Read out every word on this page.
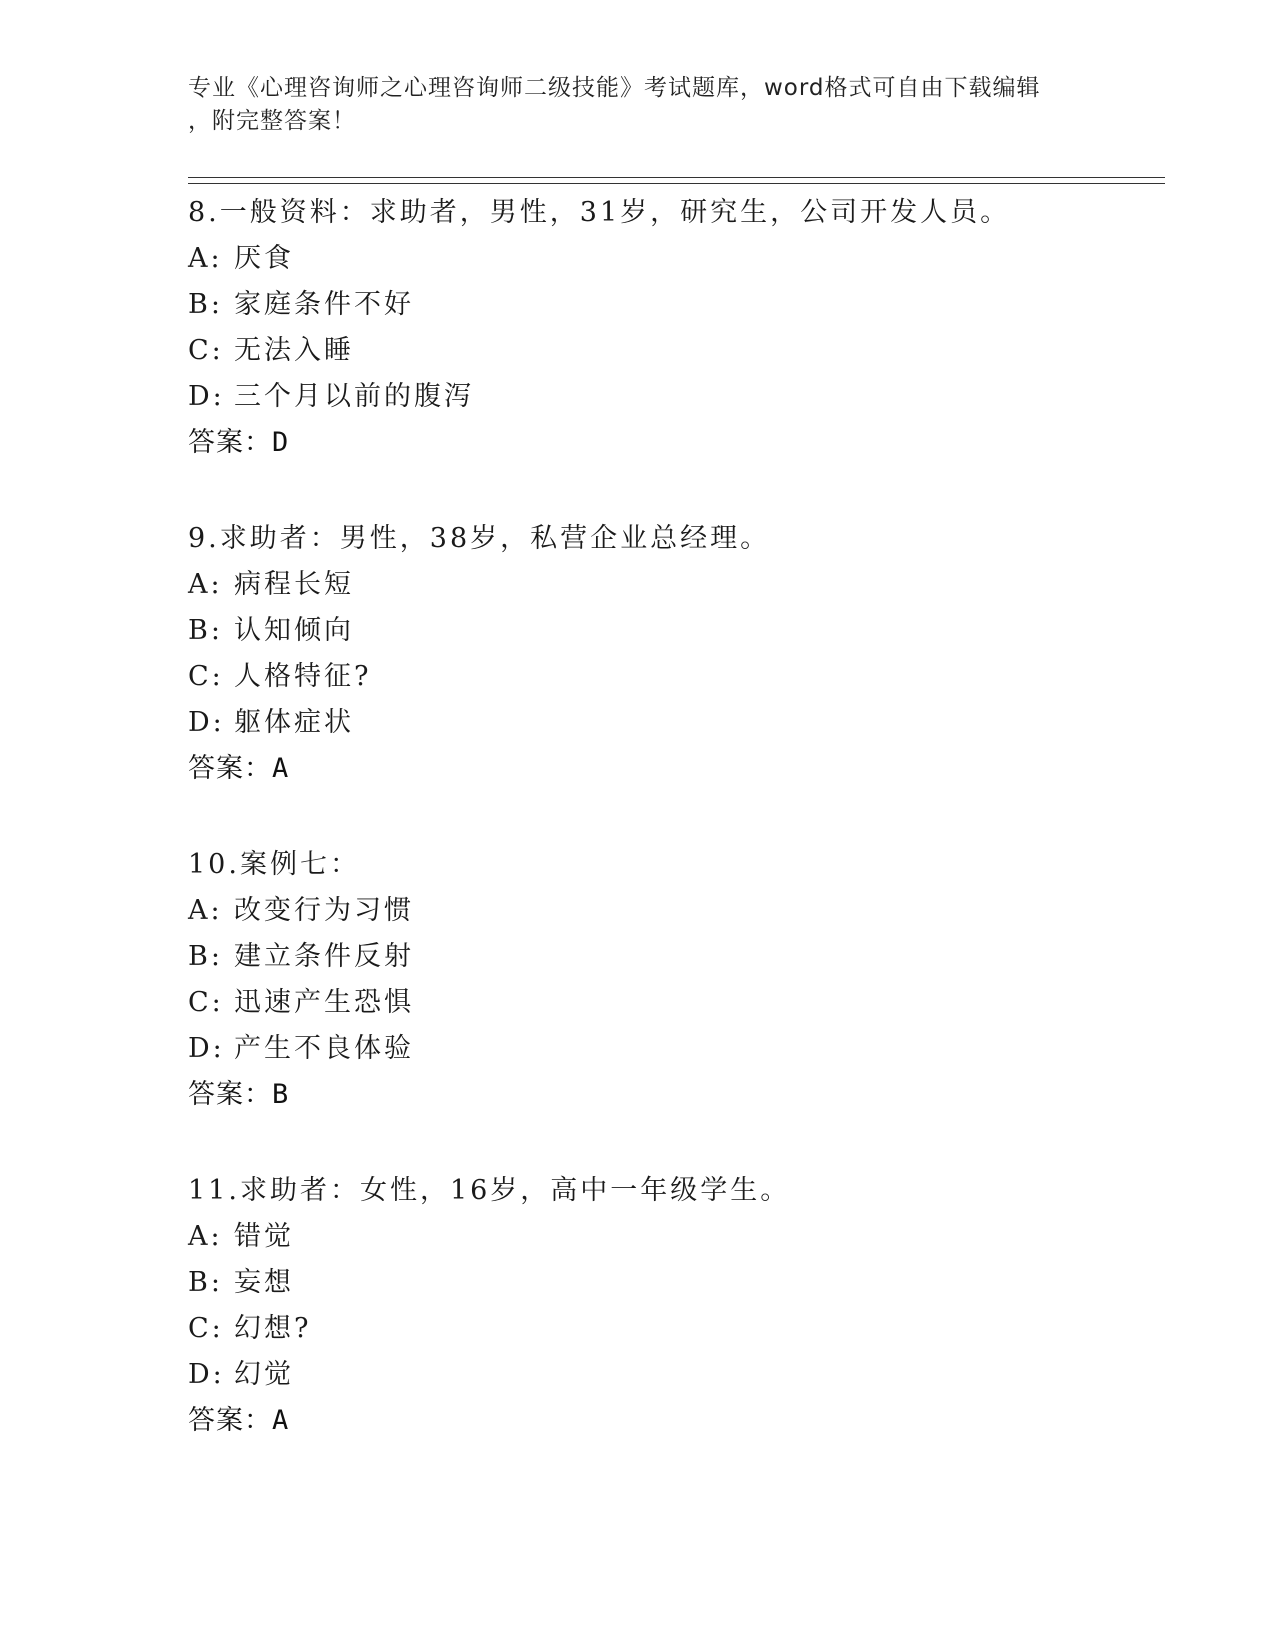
专业《心理咨询师之心理咨询师二级技能》考试题库，word格式可自由下载编辑
，附完整答案！
8.一般资料：求助者，男性，31岁，研究生，公司开发人员。
A: 厌食
B: 家庭条件不好
C: 无法入睡
D: 三个月以前的腹泻
答案：D
9.求助者：男性，38岁，私营企业总经理。
A: 病程长短
B: 认知倾向
C: 人格特征?
D: 躯体症状
答案：A
10.案例七：
A: 改变行为习惯
B: 建立条件反射
C: 迅速产生恐惧
D: 产生不良体验
答案：B
11.求助者：女性，16岁，高中一年级学生。
A: 错觉
B: 妄想
C: 幻想?
D: 幻觉
答案：A
